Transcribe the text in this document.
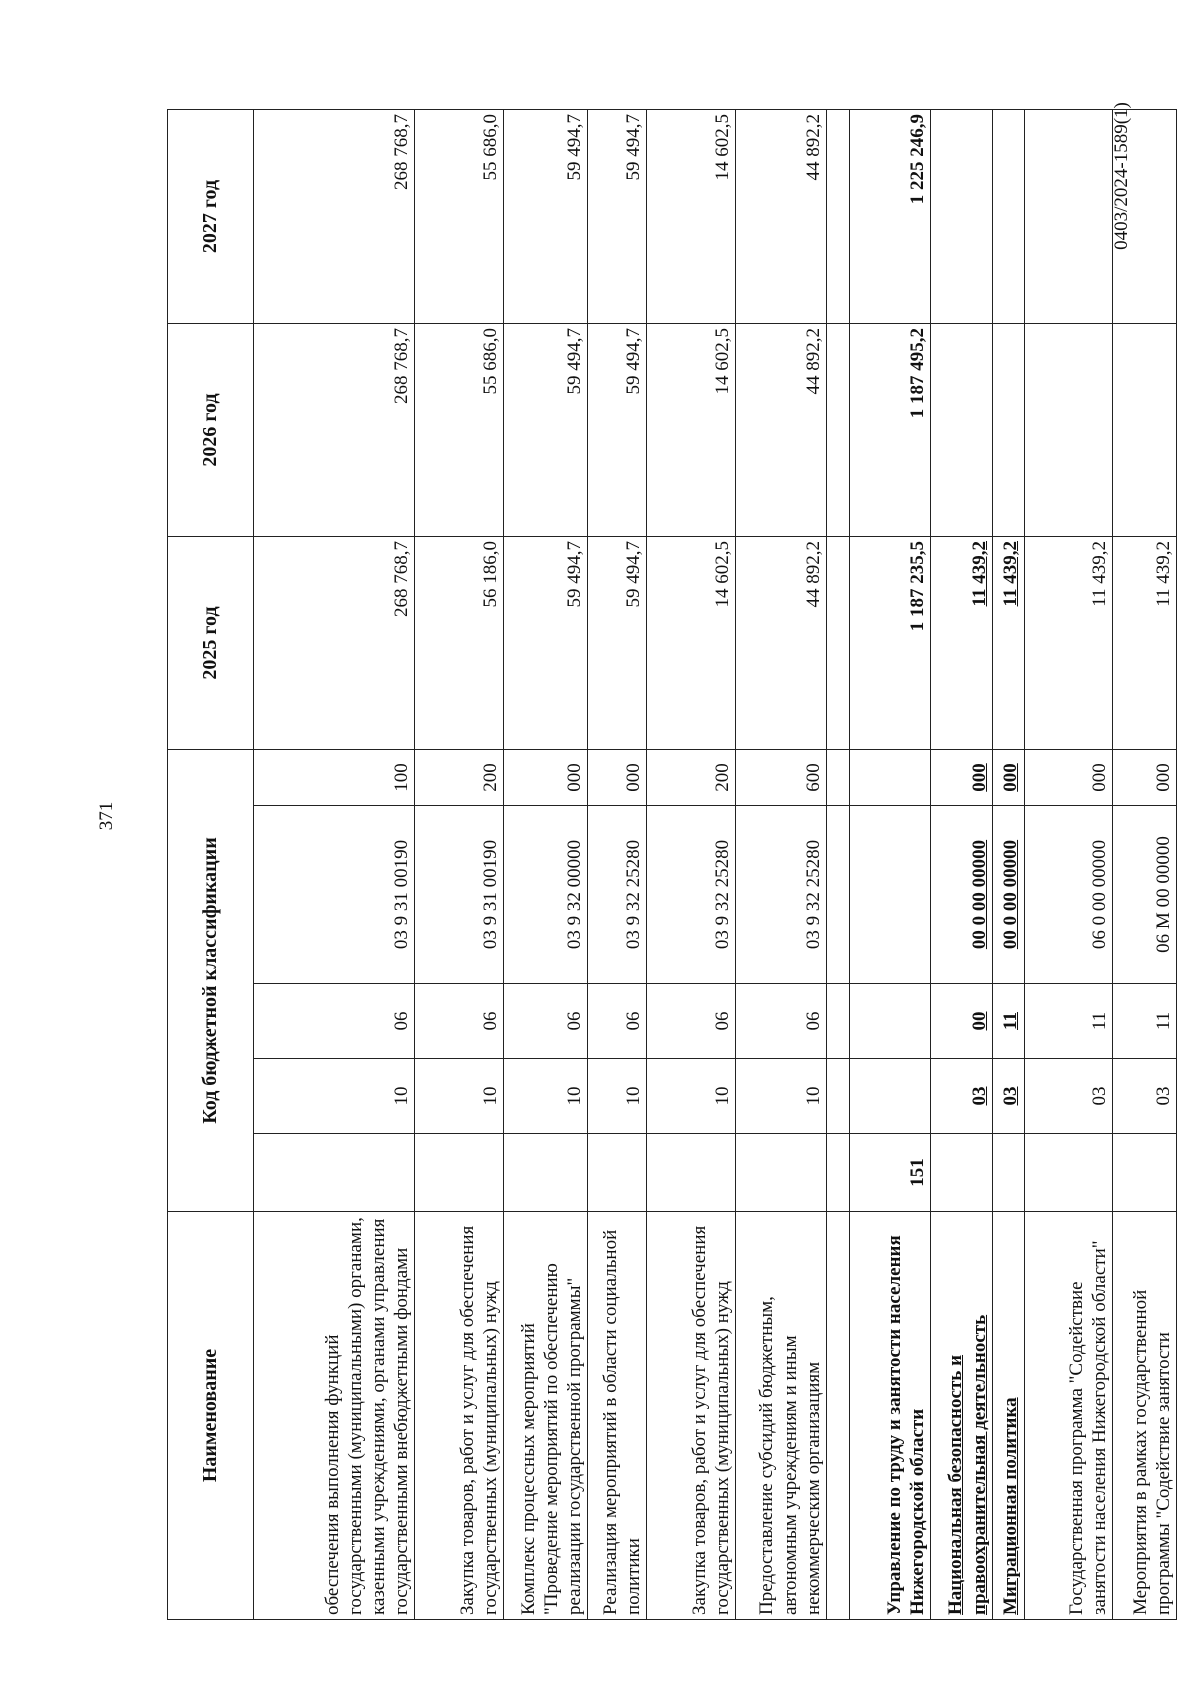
371
0403/2024-1589(1)
Наименование	Код бюджетной классификации					2025 год	2026 год	2027 год
обеспечения выполнения функций государственными (муниципальными) органами, казенными учреждениями, органами управления государственными внебюджетными фондами		10	06	03 9 31 00190	100	268 768,7	268 768,7	268 768,7
Закупка товаров, работ и услуг для обеспечения государственных (муниципальных) нужд		10	06	03 9 31 00190	200	56 186,0	55 686,0	55 686,0
Комплекс процессных мероприятий "Проведение мероприятий по обеспечению реализации государственной программы"		10	06	03 9 32 00000	000	59 494,7	59 494,7	59 494,7
Реализация мероприятий в области социальной политики		10	06	03 9 32 25280	000	59 494,7	59 494,7	59 494,7
Закупка товаров, работ и услуг для обеспечения государственных (муниципальных) нужд		10	06	03 9 32 25280	200	14 602,5	14 602,5	14 602,5
Предоставление субсидий бюджетным, автономным учреждениям и иным некоммерческим организациям		10	06	03 9 32 25280	600	44 892,2	44 892,2	44 892,2

Управление по труду и занятости населения Нижегородской области	151					1 187 235,5	1 187 495,2	1 225 246,9
Национальная безопасность и правоохранительная деятельность		03	00	00 0 00 00000	000	11 439,2		
Миграционная политика		03	11	00 0 00 00000	000	11 439,2		
Государственная программа "Содействие занятости населения Нижегородской области"		03	11	06 0 00 00000	000	11 439,2		
Мероприятия в рамках государственной программы "Содействие занятости		03	11	06 М 00 00000	000	11 439,2		
